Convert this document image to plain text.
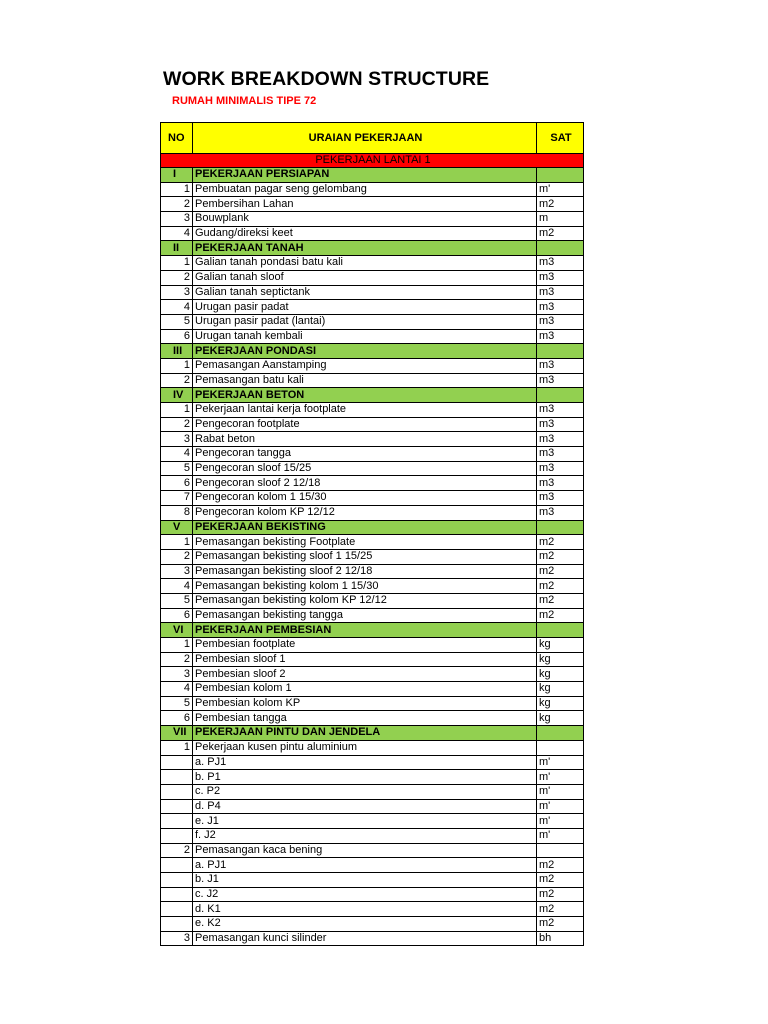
WORK BREAKDOWN STRUCTURE
RUMAH MINIMALIS TIPE 72
NO	URAIAN PEKERJAAN	SAT
PEKERJAAN LANTAI 1		
I	PEKERJAAN PERSIAPAN	
1	Pembuatan pagar seng gelombang	m'
2	Pembersihan Lahan	m2
3	Bouwplank	m
4	Gudang/direksi keet	m2
II	PEKERJAAN TANAH	
1	Galian tanah pondasi batu kali	m3
2	Galian tanah sloof	m3
3	Galian tanah septictank	m3
4	Urugan pasir padat	m3
5	Urugan pasir padat (lantai)	m3
6	Urugan tanah kembali	m3
III	PEKERJAAN PONDASI	
1	Pemasangan Aanstamping	m3
2	Pemasangan batu kali	m3
IV	PEKERJAAN BETON	
1	Pekerjaan lantai kerja footplate	m3
2	Pengecoran footplate	m3
3	Rabat beton	m3
4	Pengecoran tangga	m3
5	Pengecoran sloof 15/25	m3
6	Pengecoran sloof 2 12/18	m3
7	Pengecoran kolom 1 15/30	m3
8	Pengecoran kolom KP 12/12	m3
V	PEKERJAAN BEKISTING	
1	Pemasangan bekisting Footplate	m2
2	Pemasangan bekisting sloof 1 15/25	m2
3	Pemasangan bekisting sloof 2 12/18	m2
4	Pemasangan bekisting kolom 1 15/30	m2
5	Pemasangan bekisting kolom KP 12/12	m2
6	Pemasangan bekisting tangga	m2
VI	PEKERJAAN PEMBESIAN	
1	Pembesian footplate	kg
2	Pembesian sloof 1	kg
3	Pembesian sloof 2	kg
4	Pembesian kolom 1	kg
5	Pembesian kolom KP	kg
6	Pembesian tangga	kg
VII	PEKERJAAN PINTU DAN JENDELA	
1	Pekerjaan kusen pintu aluminium	
	a. PJ1	m'
	b. P1	m'
	c. P2	m'
	d. P4	m'
	e. J1	m'
	f. J2	m'
2	Pemasangan kaca bening	
	a. PJ1	m2
	b. J1	m2
	c. J2	m2
	d. K1	m2
	e. K2	m2
3	Pemasangan kunci silinder	bh
